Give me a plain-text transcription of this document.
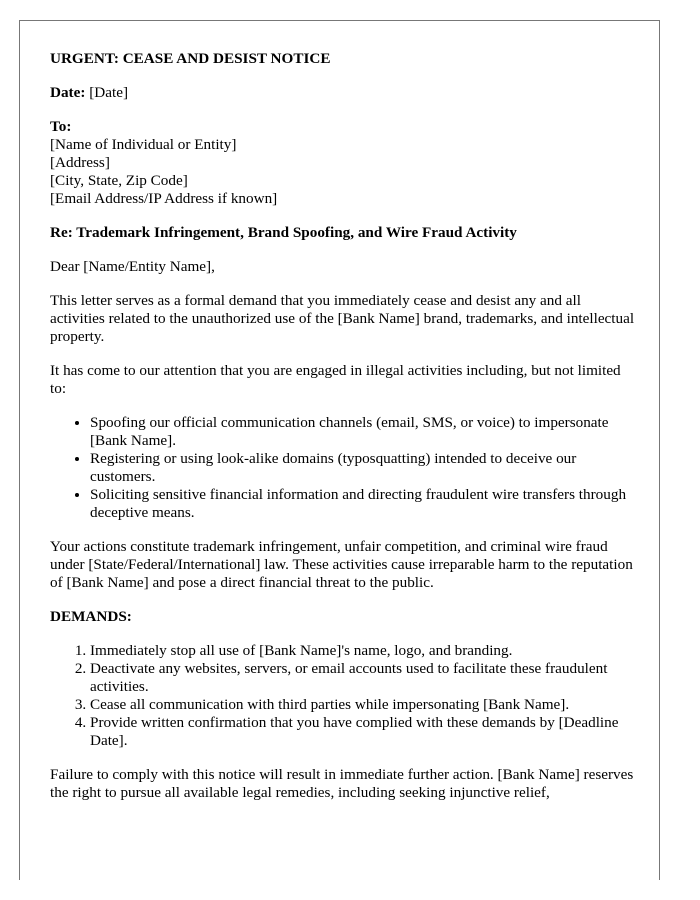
URGENT: CEASE AND DESIST NOTICE

Date: [Date]

To:

[Name of Individual or Entity]

[Address]

[City, State, Zip Code]

[Email Address/IP Address if known]

Re: Trademark Infringement, Brand Spoofing, and Wire Fraud Activity

Dear [Name/Entity Name],

This letter serves as a formal demand that you immediately cease and desist any and all activities related to the unauthorized use of the [Bank Name] brand, trademarks, and intellectual property.

It has come to our attention that you are engaged in illegal activities including, but not limited to:

• Spoofing our official communication channels (email, SMS, or voice) to impersonate [Bank Name].
• Registering or using look-alike domains (typosquatting) intended to deceive our customers.
• Soliciting sensitive financial information and directing fraudulent wire transfers through deceptive means.

Your actions constitute trademark infringement, unfair competition, and criminal wire fraud under [State/Federal/International] law. These activities cause irreparable harm to the reputation of [Bank Name] and pose a direct financial threat to the public.

DEMANDS:

1. Immediately stop all use of [Bank Name]'s name, logo, and branding.
2. Deactivate any websites, servers, or email accounts used to facilitate these fraudulent activities.
3. Cease all communication with third parties while impersonating [Bank Name].
4. Provide written confirmation that you have complied with these demands by [Deadline Date].

Failure to comply with this notice will result in immediate further action. [Bank Name] reserves the right to pursue all available legal remedies, including seeking injunctive relief,
